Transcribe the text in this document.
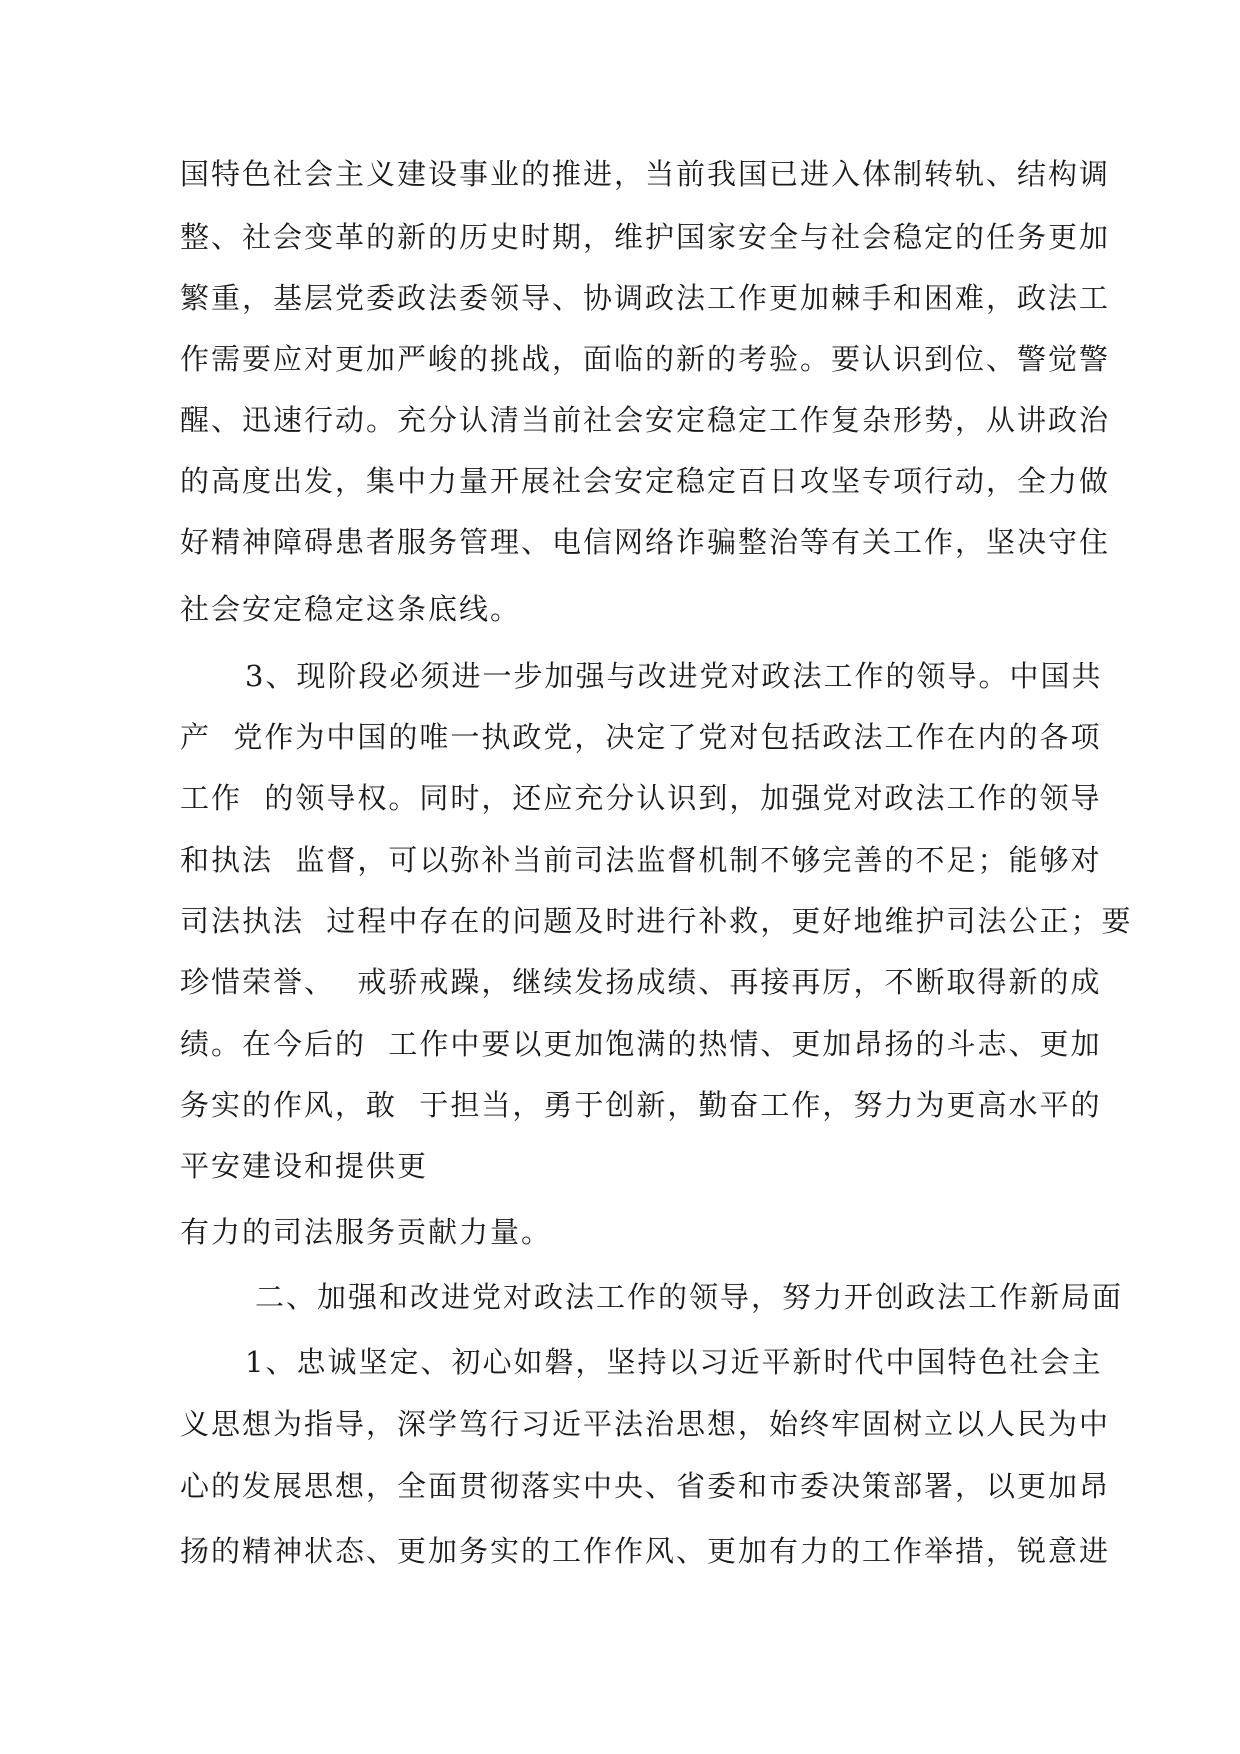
国特色社会主义建设事业的推进，当前我国已进入体制转轨、结构调

整、社会变革的新的历史时期，维护国家安全与社会稳定的任务更加

繁重，基层党委政法委领导、协调政法工作更加棘手和困难，政法工

作需要应对更加严峻的挑战，面临的新的考验。要认识到位、警觉警

醒、迅速行动。充分认清当前社会安定稳定工作复杂形势，从讲政治

的高度出发，集中力量开展社会安定稳定百日攻坚专项行动，全力做

好精神障碍患者服务管理、电信网络诈骗整治等有关工作，坚决守住

社会安定稳定这条底线。

3、现阶段必须进一步加强与改进党对政法工作的领导。中国共

产  党作为中国的唯一执政党，决定了党对包括政法工作在内的各项

工作  的领导权。同时，还应充分认识到，加强党对政法工作的领导

和执法  监督，可以弥补当前司法监督机制不够完善的不足；能够对

司法执法  过程中存在的问题及时进行补救，更好地维护司法公正；要

珍惜荣誉、  戒骄戒躁，继续发扬成绩、再接再厉，不断取得新的成

绩。在今后的  工作中要以更加饱满的热情、更加昂扬的斗志、更加

务实的作风，敢  于担当，勇于创新，勤奋工作，努力为更高水平的

平安建设和提供更

有力的司法服务贡献力量。

二、加强和改进党对政法工作的领导，努力开创政法工作新局面

1、忠诚坚定、初心如磐，坚持以习近平新时代中国特色社会主

义思想为指导，深学笃行习近平法治思想，始终牢固树立以人民为中

心的发展思想，全面贯彻落实中央、省委和市委决策部署，以更加昂

扬的精神状态、更加务实的工作作风、更加有力的工作举措，锐意进
